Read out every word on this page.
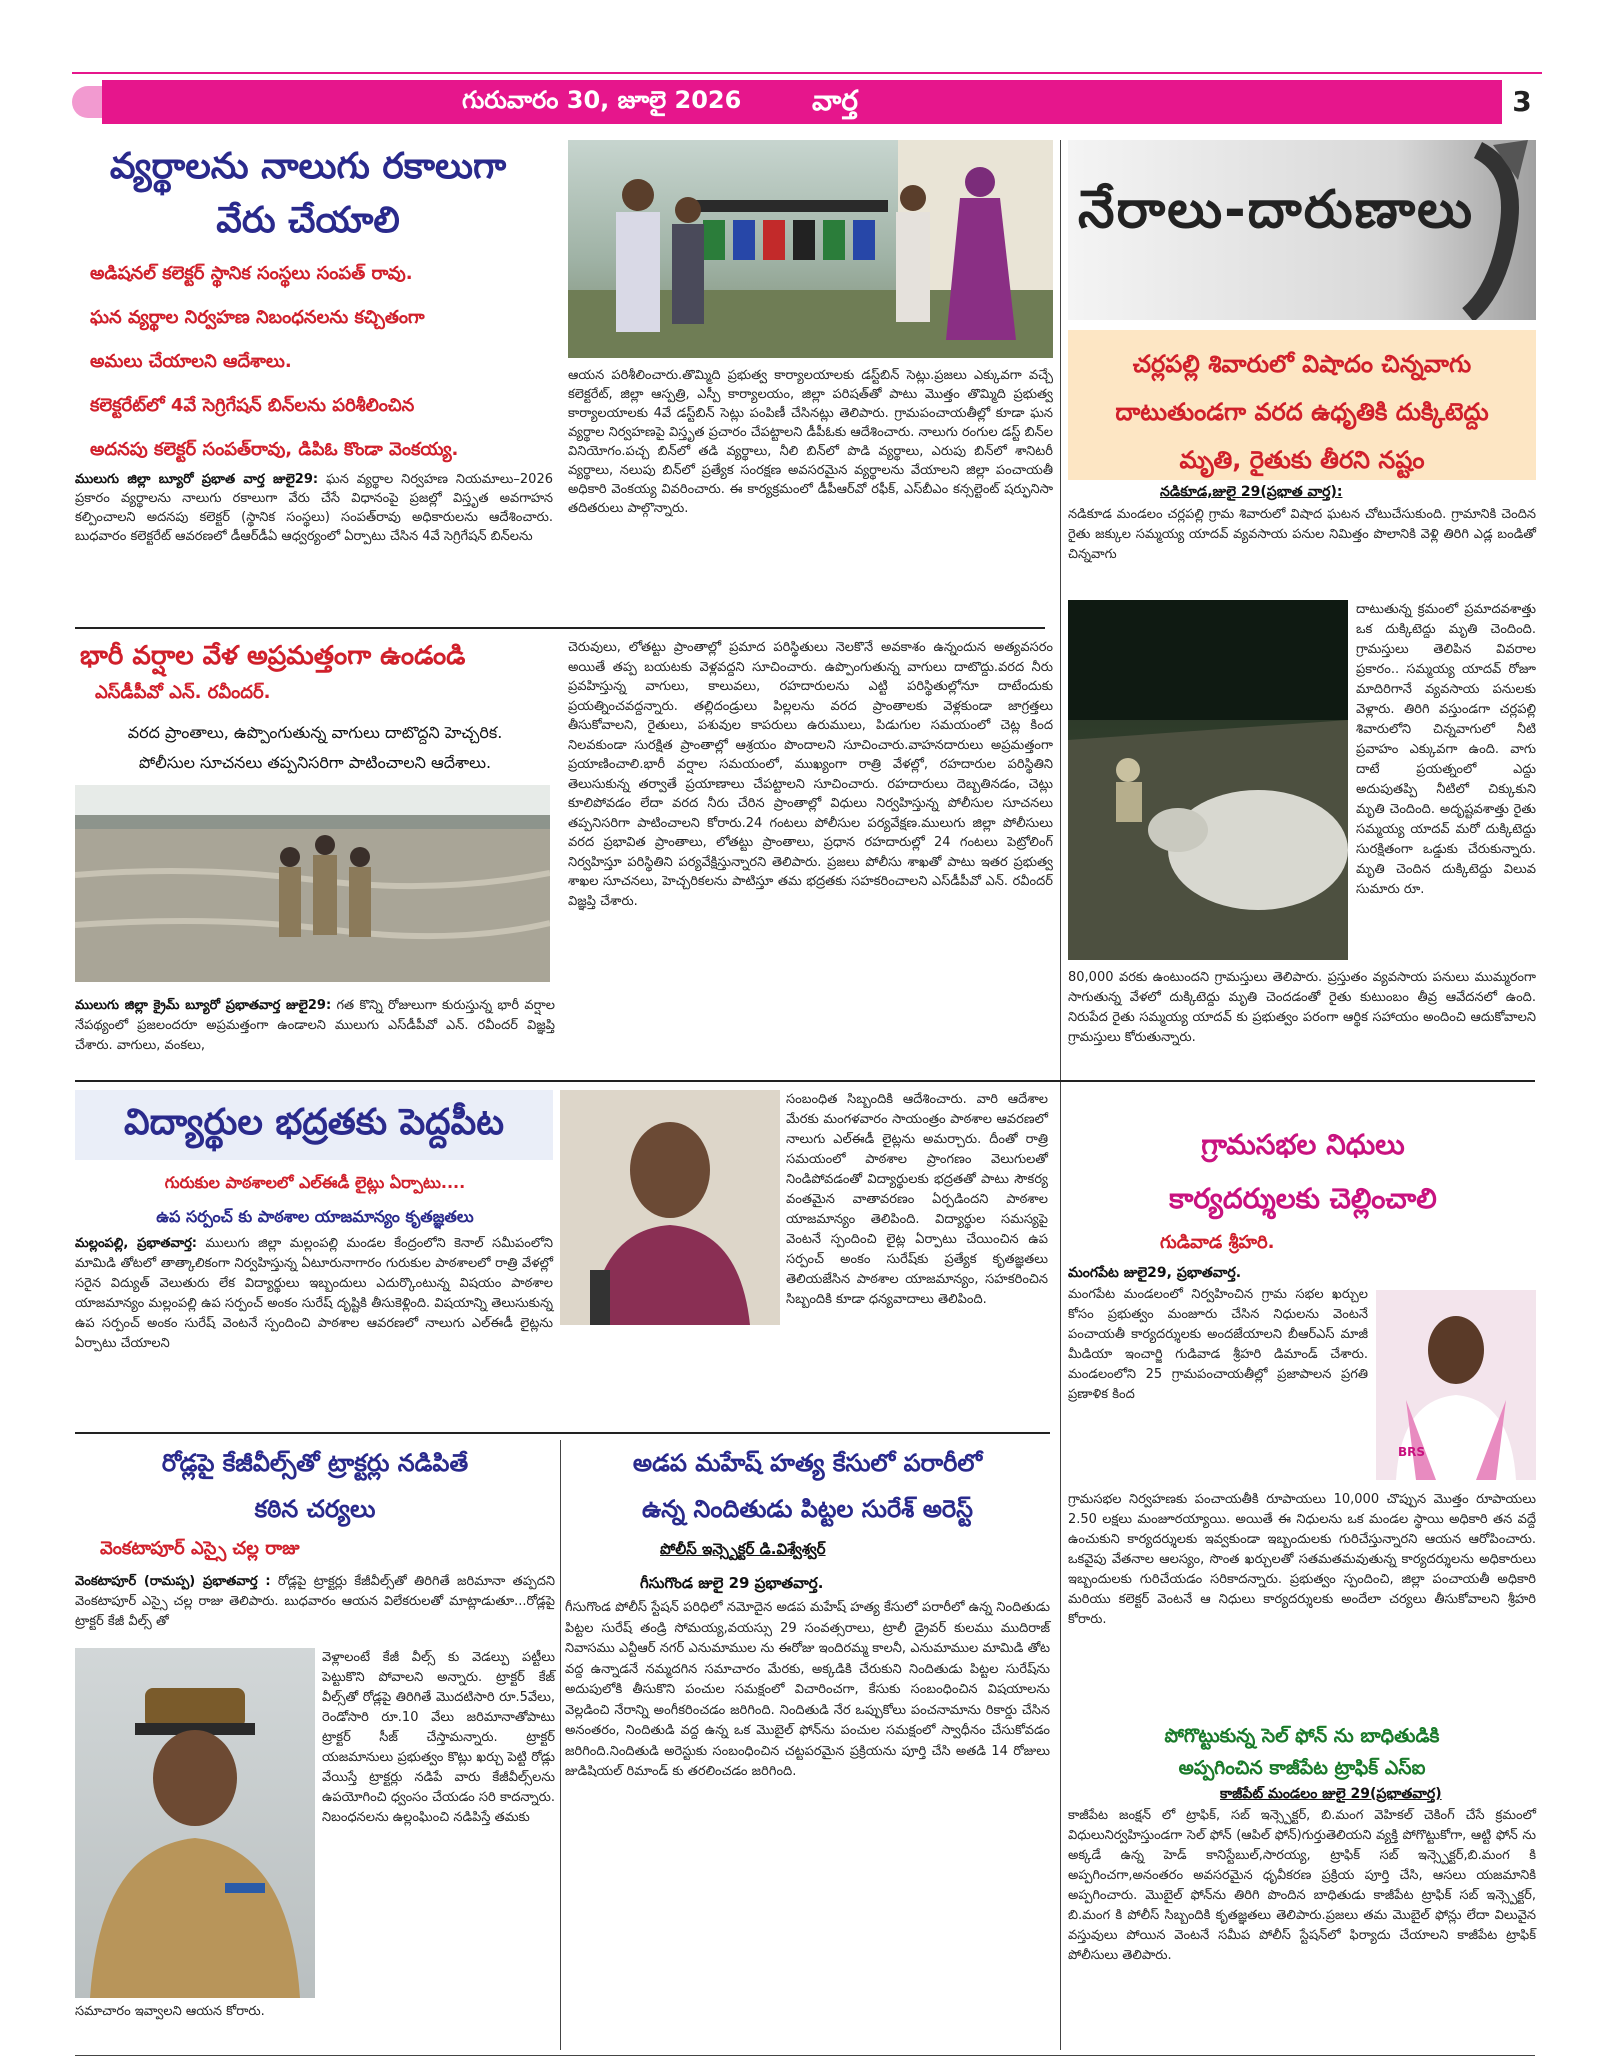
గురువారం 30, జూలై 2026	వార్త	3
వ్యర్థాలను నాలుగు రకాలుగా
వేరు చేయాలి
అడిషనల్ కలెక్టర్ స్థానిక సంస్థలు సంపత్ రావు.
ఘన వ్యర్థాల నిర్వహణ నిబంధనలను కచ్చితంగా
అమలు చేయాలని ఆదేశాలు.
కలెక్టరేట్‌లో 4వే సెగ్రిగేషన్ బిన్‌లను పరిశీలించిన
అదనపు కలెక్టర్ సంపత్‌రావు, డిపిఓ కొండా వెంకయ్య.
ములుగు జిల్లా బ్యూరో ప్రభాత వార్త జులై29: ఘన వ్యర్థాల నిర్వహణ నియమాలు–2026 ప్రకారం వ్యర్థాలను నాలుగు రకాలుగా వేరు చేసే విధానంపై ప్రజల్లో విస్తృత అవగాహన కల్పించాలని అదనపు కలెక్టర్ (స్థానిక సంస్థలు) సంపత్‌రావు అధికారులను ఆదేశించారు. బుధవారం కలెక్టరేట్ ఆవరణలో డీఆర్‌డీఏ ఆధ్వర్యంలో ఏర్పాటు చేసిన 4వే సెగ్రిగేషన్ బిన్‌లను
ఆయన పరిశీలించారు.తొమ్మిది ప్రభుత్వ కార్యాలయాలకు డస్ట్‌బిన్ సెట్లు.ప్రజలు ఎక్కువగా వచ్చే కలెక్టరేట్, జిల్లా ఆస్పత్రి, ఎస్పీ కార్యాలయం, జిల్లా పరిషత్‌తో పాటు మొత్తం తొమ్మిది ప్రభుత్వ కార్యాలయాలకు 4వే డస్ట్‌బిన్ సెట్లు పంపిణీ చేసినట్లు తెలిపారు. గ్రామపంచాయతీల్లో కూడా ఘన వ్యర్థాల నిర్వహణపై విస్తృత ప్రచారం చేపట్టాలని డీపీఓకు ఆదేశించారు. నాలుగు రంగుల డస్ట్ బిన్‌ల వినియోగం.పచ్చ బిన్‌లో తడి వ్యర్థాలు, నీలి బిన్‌లో పొడి వ్యర్థాలు, ఎరుపు బిన్‌లో శానిటరీ వ్యర్థాలు, నలుపు బిన్‌లో ప్రత్యేక సంరక్షణ అవసరమైన వ్యర్థాలను వేయాలని జిల్లా పంచాయతీ అధికారి వెంకయ్య వివరించారు. ఈ కార్యక్రమంలో డీపీఆర్‌వో రఫీక్, ఎస్‌బీఎం కన్సల్టెంట్ షర్ఫునిసా తదితరులు పాల్గొన్నారు.
భారీ వర్షాల వేళ అప్రమత్తంగా ఉండండి
ఎస్‌డీపీవో ఎన్. రవీందర్.
వరద ప్రాంతాలు, ఉప్పొంగుతున్న వాగులు దాటొద్దని హెచ్చరిక.
పోలీసుల సూచనలు తప్పనిసరిగా పాటించాలని ఆదేశాలు.
ములుగు జిల్లా క్రైమ్ బ్యూరో ప్రభాతవార్త జులై29: గత కొన్ని రోజులుగా కురుస్తున్న భారీ వర్షాల నేపథ్యంలో ప్రజలందరూ అప్రమత్తంగా ఉండాలని ములుగు ఎస్‌డీపీవో ఎన్. రవీందర్ విజ్ఞప్తి చేశారు. వాగులు, వంకలు,
చెరువులు, లోతట్టు ప్రాంతాల్లో ప్రమాద పరిస్థితులు నెలకొనే అవకాశం ఉన్నందున అత్యవసరం అయితే తప్ప బయటకు వెళ్లవద్దని సూచించారు. ఉప్పొంగుతున్న వాగులు దాటొద్దు.వరద నీరు ప్రవహిస్తున్న వాగులు, కాలువలు, రహదారులను ఎట్టి పరిస్థితుల్లోనూ దాటేందుకు ప్రయత్నించవద్దన్నారు. తల్లిదండ్రులు పిల్లలను వరద ప్రాంతాలకు వెళ్లకుండా జాగ్రత్తలు తీసుకోవాలని, రైతులు, పశువుల కాపరులు ఉరుములు, పిడుగుల సమయంలో చెట్ల కింద నిలవకుండా సురక్షిత ప్రాంతాల్లో ఆశ్రయం పొందాలని సూచించారు.వాహనదారులు అప్రమత్తంగా ప్రయాణించాలి.భారీ వర్షాల సమయంలో, ముఖ్యంగా రాత్రి వేళల్లో, రహదారుల పరిస్థితిని తెలుసుకున్న తర్వాతే ప్రయాణాలు చేపట్టాలని సూచించారు. రహదారులు దెబ్బతినడం, చెట్లు కూలిపోవడం లేదా వరద నీరు చేరిన ప్రాంతాల్లో విధులు నిర్వహిస్తున్న పోలీసుల సూచనలు తప్పనిసరిగా పాటించాలని కోరారు.24 గంటలు పోలీసుల పర్యవేక్షణ.ములుగు జిల్లా పోలీసులు వరద ప్రభావిత ప్రాంతాలు, లోతట్టు ప్రాంతాలు, ప్రధాన రహదారుల్లో 24 గంటలు పెట్రోలింగ్ నిర్వహిస్తూ పరిస్థితిని పర్యవేక్షిస్తున్నారని తెలిపారు. ప్రజలు పోలీసు శాఖతో పాటు ఇతర ప్రభుత్వ శాఖల సూచనలు, హెచ్చరికలను పాటిస్తూ తమ భద్రతకు సహకరించాలని ఎస్‌డీపీవో ఎన్. రవీందర్ విజ్ఞప్తి చేశారు.
నేరాలు-దారుణాలు
చర్లపల్లి శివారులో విషాదం చిన్నవాగు
దాటుతుండగా వరద ఉధృతికి దుక్కిటెద్దు
మృతి, రైతుకు తీరని నష్టం
నడికూడ,జులై 29(ప్రభాత వార్త):
నడికూడ మండలం చర్లపల్లి గ్రామ శివారులో విషాద ఘటన చోటుచేసుకుంది. గ్రామానికి చెందిన రైతు జక్కుల సమ్మయ్య యాదవ్ వ్యవసాయ పనుల నిమిత్తం పొలానికి వెళ్లి తిరిగి ఎడ్ల బండితో చిన్నవాగు
దాటుతున్న క్రమంలో ప్రమాదవశాత్తు ఒక దుక్కిటెద్దు మృతి చెందింది. గ్రామస్తులు తెలిపిన వివరాల ప్రకారం.. సమ్మయ్య యాదవ్ రోజూ మాదిరిగానే వ్యవసాయ పనులకు వెళ్లారు. తిరిగి వస్తుండగా చర్లపల్లి శివారులోని చిన్నవాగులో నీటి ప్రవాహం ఎక్కువగా ఉంది. వాగు దాటే ప్రయత్నంలో ఎద్దు అదుపుతప్పి నీటిలో చిక్కుకుని మృతి చెందింది. అదృష్టవశాత్తు రైతు సమ్మయ్య యాదవ్ మరో దుక్కిటెద్దు సురక్షితంగా ఒడ్డుకు చేరుకున్నారు. మృతి చెందిన దుక్కిటెద్దు విలువ సుమారు రూ.
80,000 వరకు ఉంటుందని గ్రామస్తులు తెలిపారు. ప్రస్తుతం వ్యవసాయ పనులు ముమ్మరంగా సాగుతున్న వేళలో దుక్కిటెద్దు మృతి చెందడంతో రైతు కుటుంబం తీవ్ర ఆవేదనలో ఉంది. నిరుపేద రైతు సమ్మయ్య యాదవ్ కు ప్రభుత్వం పరంగా ఆర్థిక సహాయం అందించి ఆదుకోవాలని గ్రామస్తులు కోరుతున్నారు.
విద్యార్థుల భద్రతకు పెద్దపీట
గురుకుల పాఠశాలలో ఎల్‌ఈడీ లైట్లు ఏర్పాటు....
ఉప సర్పంచ్ కు పాఠశాల యాజమాన్యం కృతజ్ఞతలు
మల్లంపల్లి, ప్రభాతవార్త: ములుగు జిల్లా మల్లంపల్లి మండల కేంద్రంలోని కెనాల్ సమీపంలోని మామిడి తోటలో తాత్కాలికంగా నిర్వహిస్తున్న ఏటూరునాగారం గురుకుల పాఠశాలలో రాత్రి వేళల్లో సరైన విద్యుత్ వెలుతురు లేక విద్యార్థులు ఇబ్బందులు ఎదుర్కొంటున్న విషయం పాఠశాల యాజమాన్యం మల్లంపల్లి ఉప సర్పంచ్ అంకం సురేష్ దృష్టికి తీసుకెళ్లింది. విషయాన్ని తెలుసుకున్న ఉప సర్పంచ్ అంకం సురేష్ వెంటనే స్పందించి పాఠశాల ఆవరణలో నాలుగు ఎల్‌ఈడీ లైట్లను ఏర్పాటు చేయాలని
సంబంధిత సిబ్బందికి ఆదేశించారు. వారి ఆదేశాల మేరకు మంగళవారం సాయంత్రం పాఠశాల ఆవరణలో నాలుగు ఎల్‌ఈడీ లైట్లను అమర్చారు. దీంతో రాత్రి సమయంలో పాఠశాల ప్రాంగణం వెలుగులతో నిండిపోవడంతో విద్యార్థులకు భద్రతతో పాటు సౌకర్య వంతమైన వాతావరణం ఏర్పడిందని పాఠశాల యాజమాన్యం తెలిపింది. విద్యార్థుల సమస్యపై వెంటనే స్పందించి లైట్ల ఏర్పాటు చేయించిన ఉప సర్పంచ్ అంకం సురేష్‌కు ప్రత్యేక కృతజ్ఞతలు తెలియజేసిన పాఠశాల యాజమాన్యం, సహకరించిన సిబ్బందికి కూడా ధన్యవాదాలు తెలిపింది.
గ్రామసభల నిధులు
కార్యదర్శులకు చెల్లించాలి
గుడివాడ శ్రీహరి.
మంగపేట జులై29, ప్రభాతవార్త.
మంగపేట మండలంలో నిర్వహించిన గ్రామ సభల ఖర్చుల కోసం ప్రభుత్వం మంజూరు చేసిన నిధులను వెంటనే పంచాయతీ కార్యదర్శులకు అందజేయాలని బీఆర్‌ఎస్ మాజీ మీడియా ఇంచార్జి గుడివాడ శ్రీహరి డిమాండ్ చేశారు. మండలంలోని 25 గ్రామపంచాయతీల్లో ప్రజాపాలన ప్రగతి ప్రణాళిక కింద
BRS
గ్రామసభల నిర్వహణకు పంచాయతీకి రూపాయలు 10,000 చొప్పున మొత్తం రూపాయలు 2.50 లక్షలు మంజూరయ్యాయి. అయితే ఈ నిధులను ఒక మండల స్థాయి అధికారి తన వద్దే ఉంచుకుని కార్యదర్శులకు ఇవ్వకుండా ఇబ్బందులకు గురిచేస్తున్నారని ఆయన ఆరోపించారు. ఒకవైపు వేతనాల ఆలస్యం, సొంత ఖర్చులతో సతమతమవుతున్న కార్యదర్శులను అధికారులు ఇబ్బందులకు గురిచేయడం సరికాదన్నారు. ప్రభుత్వం స్పందించి, జిల్లా పంచాయతీ అధికారి మరియు కలెక్టర్ వెంటనే ఆ నిధులు కార్యదర్శులకు అందేలా చర్యలు తీసుకోవాలని శ్రీహరి కోరారు.
పోగొట్టుకున్న సెల్ ఫోన్ ను బాధితుడికి
అప్పగించిన కాజీపేట ట్రాఫిక్ ఎస్ఐ
కాజీపేట్ మండలం జులై 29(ప్రభాతవార్త)
కాజీపేట జంక్షన్ లో ట్రాఫిక్, సబ్ ఇన్స్పెక్టర్, బి.మంగ వెహికల్ చెకింగ్ చేసే క్రమంలో విధులునిర్వహిస్తుండగా సెల్ ఫోన్ (ఆపిల్ ఫోన్)గుర్తుతెలియని వ్యక్తి పోగొట్టుకోగా, ఆట్టి ఫోన్ ను అక్కడే ఉన్న హెడ్ కానిస్టేబుల్,సారయ్య, ట్రాఫిక్ సబ్ ఇన్స్పెక్టర్,బి.మంగ కి అప్పగించగా,అనంతరం అవసరమైన ధృవీకరణ ప్రక్రియ పూర్తి చేసి, ఆసలు యజమానికి అప్పగించారు. మొబైల్ ఫోన్‌ను తిరిగి పొందిన బాధితుడు కాజీపేట ట్రాఫిక్ సబ్ ఇన్స్పెక్టర్, బి.మంగ కి పోలీస్ సిబ్బందికి కృతజ్ఞతలు తెలిపారు.ప్రజలు తమ మొబైల్ ఫోన్లు లేదా విలువైన వస్తువులు పోయిన వెంటనే సమీప పోలీస్ స్టేషన్‌లో ఫిర్యాదు చేయాలని కాజీపేట ట్రాఫిక్ పోలీసులు తెలిపారు.
రోడ్లపై కేజీవీల్స్‌తో ట్రాక్టర్లు నడిపితే
కఠిన చర్యలు
వెంకటాపూర్ ఎస్సై చల్ల రాజు
వెంకటాపూర్ (రామప్ప) ప్రభాతవార్త : రోడ్లపై ట్రాక్టర్లు కేజీవీల్స్‌తో తిరిగితే జరిమానా తప్పదని వెంకటాపూర్ ఎస్సై చల్ల రాజు తెలిపారు. బుధవారం ఆయన విలేకరులతో మాట్లాడుతూ...రోడ్లపై ట్రాక్టర్ కేజీ వీల్స్ తో
వెళ్లాలంటే కేజీ వీల్స్ కు వెడల్పు పట్టీలు పెట్టుకొని పోవాలని అన్నారు. ట్రాక్టర్ కేజ్ వీల్స్‌తో రోడ్లపై తిరిగితే మొదటిసారి రూ.5వేలు, రెండోసారి రూ.10 వేలు జరిమానాతోపాటు ట్రాక్టర్ సీజ్ చేస్తామన్నారు. ట్రాక్టర్ యజమానులు ప్రభుత్వం కొట్లు ఖర్చు పెట్టి రోడ్లు వేయిస్తే ట్రాక్టర్లు నడిపే వారు కేజీవీల్స్‌లను ఉపయోగించి ధ్వంసం చేయడం సరి కాదన్నారు. నిబంధనలను ఉల్లంఘించి నడిపిస్తే తమకు
సమాచారం ఇవ్వాలని ఆయన కోరారు.
అడప మహేష్ హత్య కేసులో పరారీలో
ఉన్న నిందితుడు పిట్టల సురేశ్ అరెస్ట్
పోలీస్ ఇన్స్పెక్టర్ డి.విశ్వేశ్వర్
గీసుగొండ జులై 29 ప్రభాతవార్త.
గీసుగొండ పోలీస్ స్టేషన్ పరిధిలో నమోదైన అడప మహేష్ హత్య కేసులో పరారీలో ఉన్న నిందితుడు పిట్టల సురేష్ తండ్రి సోమయ్య,వయస్సు 29 సంవత్సరాలు, ట్రాలీ డ్రైవర్ కులము ముదిరాజ్ నివాసము ఎన్టీఆర్ నగర్ ఎనుమాముల ను ఈరోజు ఇందిరమ్మ కాలనీ, ఎనుమాముల మామిడి తోట వద్ద ఉన్నాడనే నమ్మదగిన సమాచారం మేరకు, అక్కడికి చేరుకుని నిందితుడు పిట్టల సురేష్‌ను అదుపులోకి తీసుకొని పంచుల సమక్షంలో విచారించగా, కేసుకు సంబంధించిన విషయాలను వెల్లడించి నేరాన్ని అంగీకరించడం జరిగింది. నిందితుడి నేర ఒప్పుకోలు పంచనామాను రికార్డు చేసిన అనంతరం, నిందితుడి వద్ద ఉన్న ఒక మొబైల్ ఫోన్‌ను పంచుల సమక్షంలో స్వాధీనం చేసుకోవడం జరిగింది.నిందితుడి అరెస్టుకు సంబంధించిన చట్టపరమైన ప్రక్రియను పూర్తి చేసి అతడి 14 రోజులు జుడిషియల్ రిమాండ్ కు తరలించడం జరిగింది.
